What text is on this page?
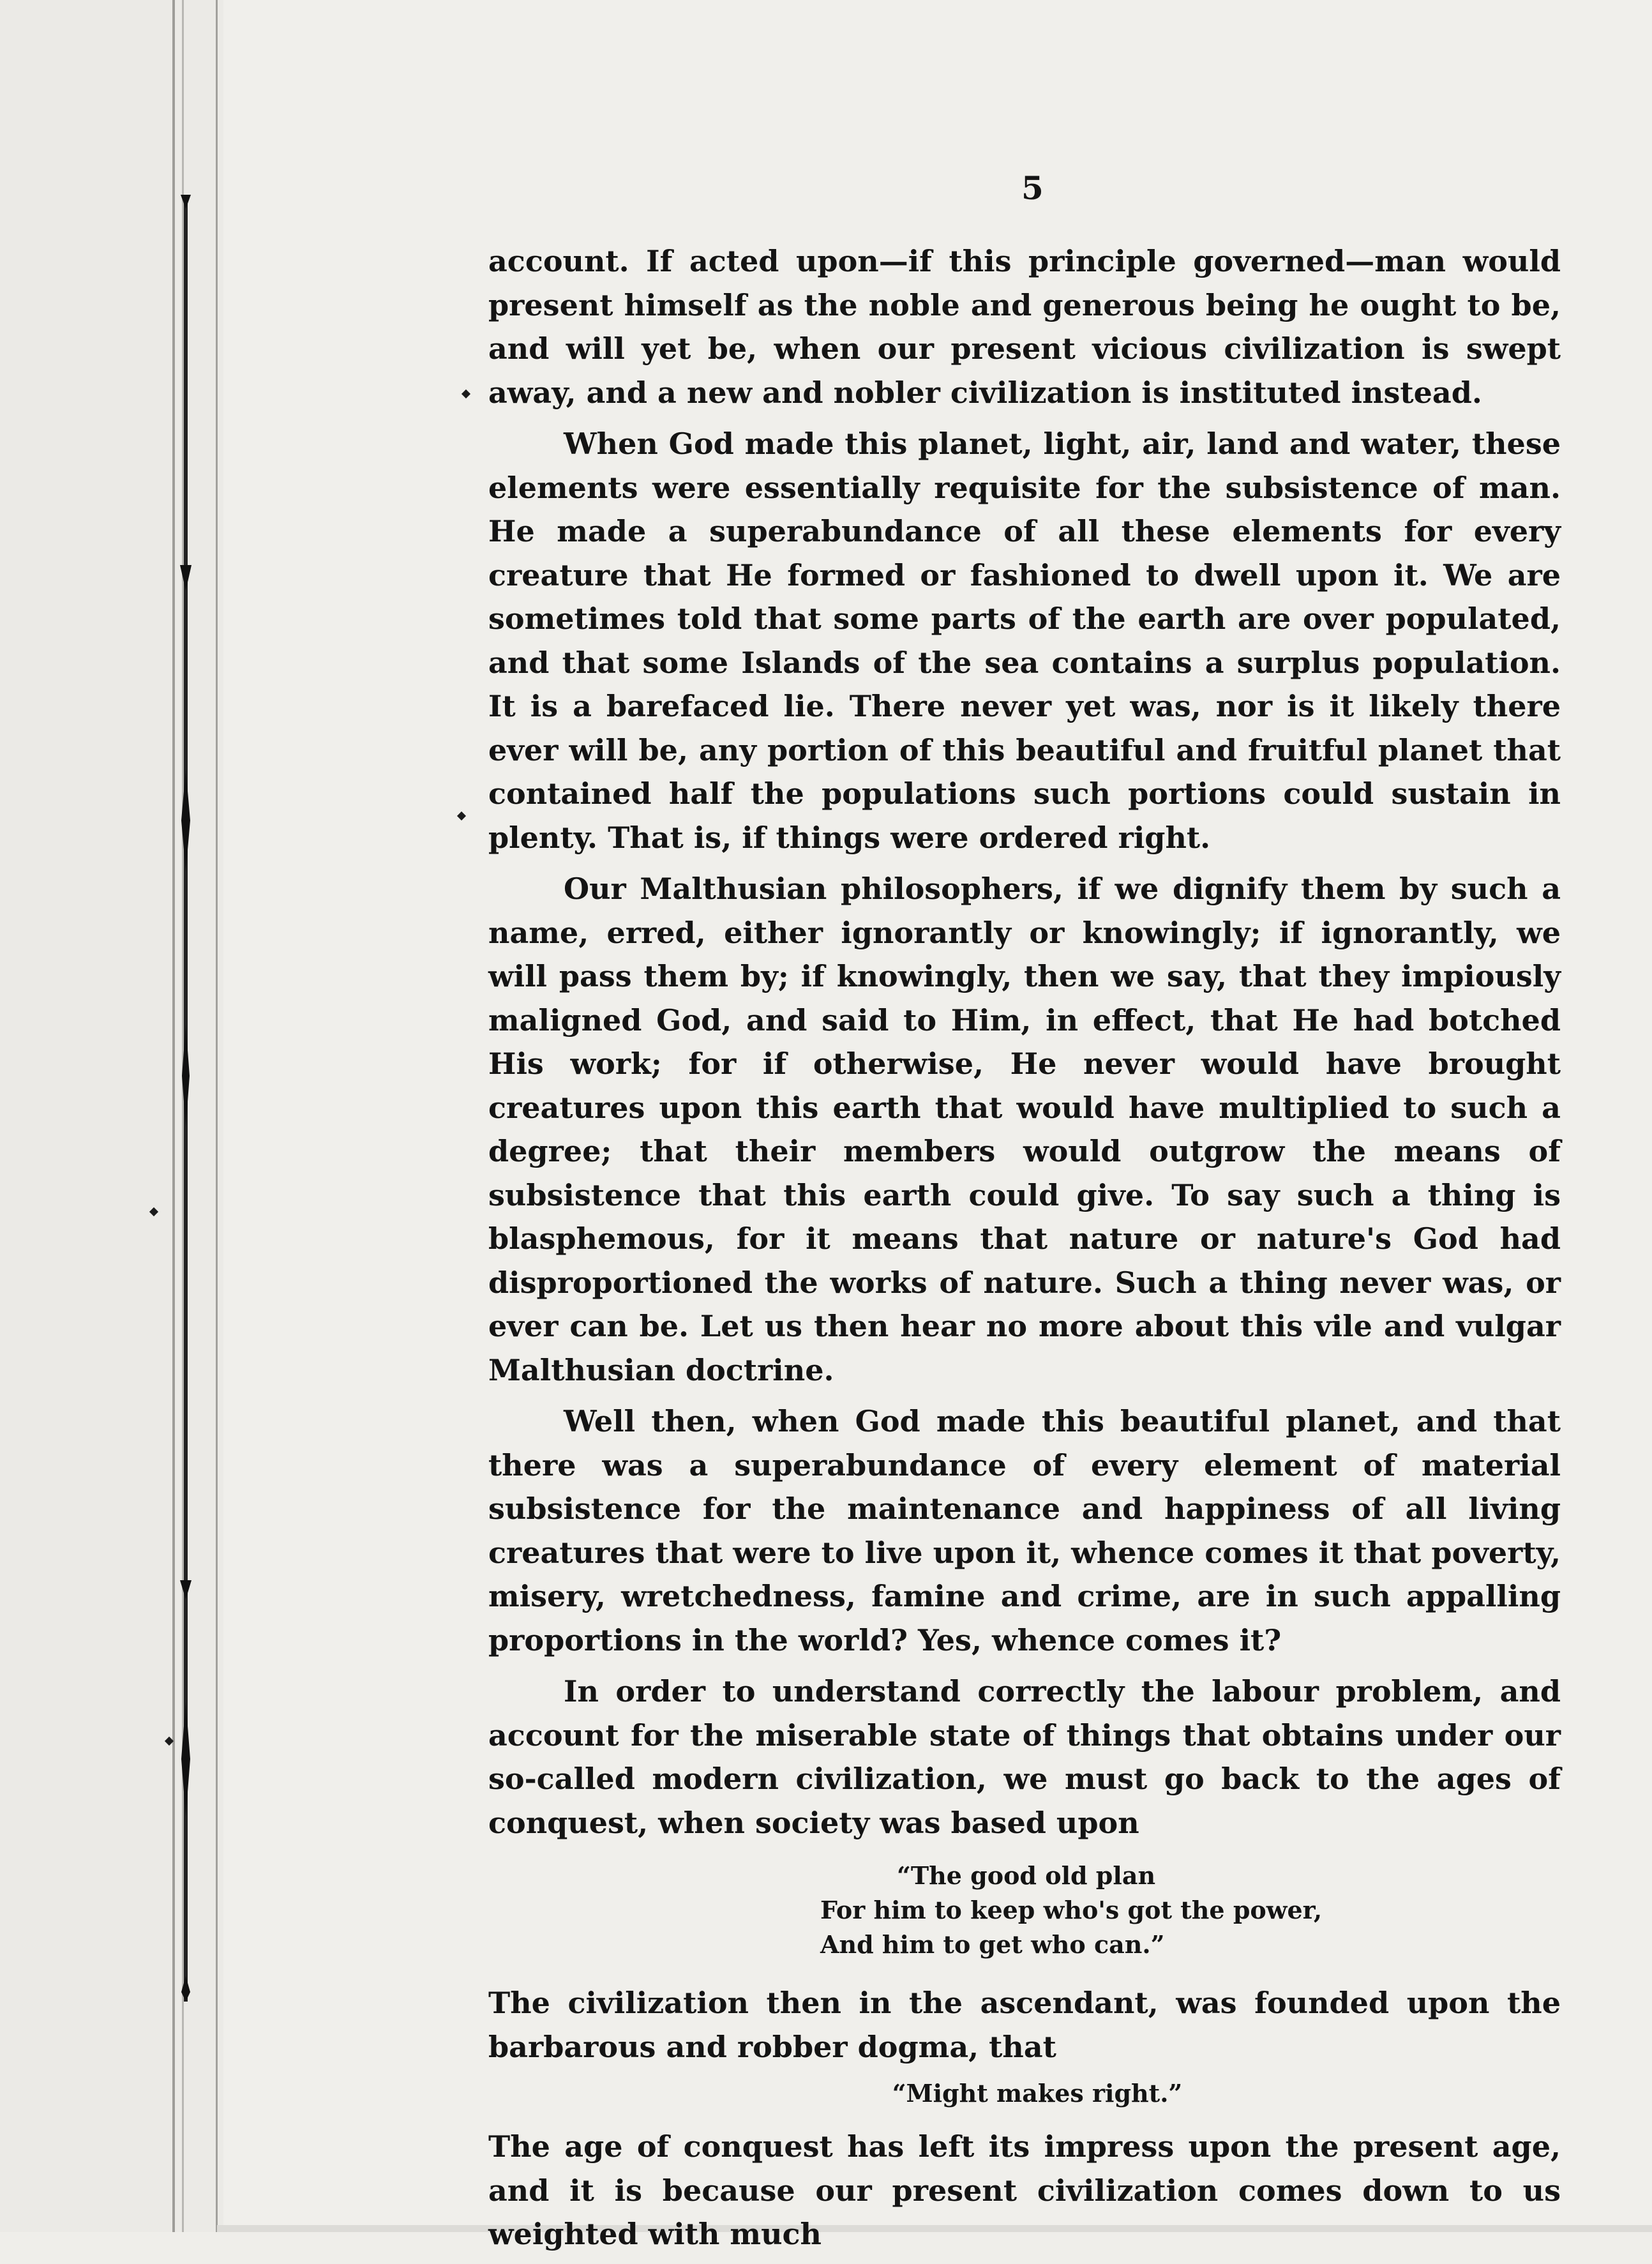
5

account. If acted upon—if this principle governed—man would present himself as the noble and generous being he ought to be, and will yet be, when our present vicious civilization is swept away, and a new and nobler civilization is instituted instead.

When God made this planet, light, air, land and water, these elements were essentially requisite for the subsistence of man. He made a superabundance of all these elements for every creature that He formed or fashioned to dwell upon it. We are sometimes told that some parts of the earth are over populated, and that some Islands of the sea contains a surplus population. It is a barefaced lie. There never yet was, nor is it likely there ever will be, any portion of this beautiful and fruitful planet that contained half the populations such portions could sustain in plenty. That is, if things were ordered right.

Our Malthusian philosophers, if we dignify them by such a name, erred, either ignorantly or knowingly; if ignorantly, we will pass them by; if knowingly, then we say, that they impiously maligned God, and said to Him, in effect, that He had botched His work; for if otherwise, He never would have brought creatures upon this earth that would have multiplied to such a degree; that their members would outgrow the means of subsistence that this earth could give. To say such a thing is blasphemous, for it means that nature or nature's God had disproportioned the works of nature. Such a thing never was, or ever can be. Let us then hear no more about this vile and vulgar Malthusian doctrine.

Well then, when God made this beautiful planet, and that there was a superabundance of every element of material subsistence for the maintenance and happiness of all living creatures that were to live upon it, whence comes it that poverty, misery, wretchedness, famine and crime, are in such appalling proportions in the world? Yes, whence comes it?

In order to understand correctly the labour problem, and account for the miserable state of things that obtains under our so-called modern civilization, we must go back to the ages of conquest, when society was based upon

“The good old plan
For him to keep who's got the power,
And him to get who can.”

The civilization then in the ascendant, was founded upon the barbarous and robber dogma, that

“Might makes right.”

The age of conquest has left its impress upon the present age, and it is because our present civilization comes down to us weighted with much
